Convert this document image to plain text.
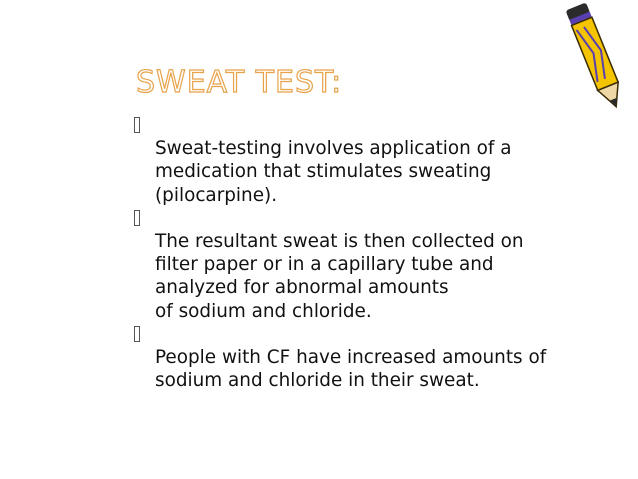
SWEAT TEST:

Sweat-testing involves application of a
medication that stimulates sweating
(pilocarpine).

The resultant sweat is then collected on
filter paper or in a capillary tube and
analyzed for abnormal amounts
of sodium and chloride.

People with CF have increased amounts of
sodium and chloride in their sweat.
